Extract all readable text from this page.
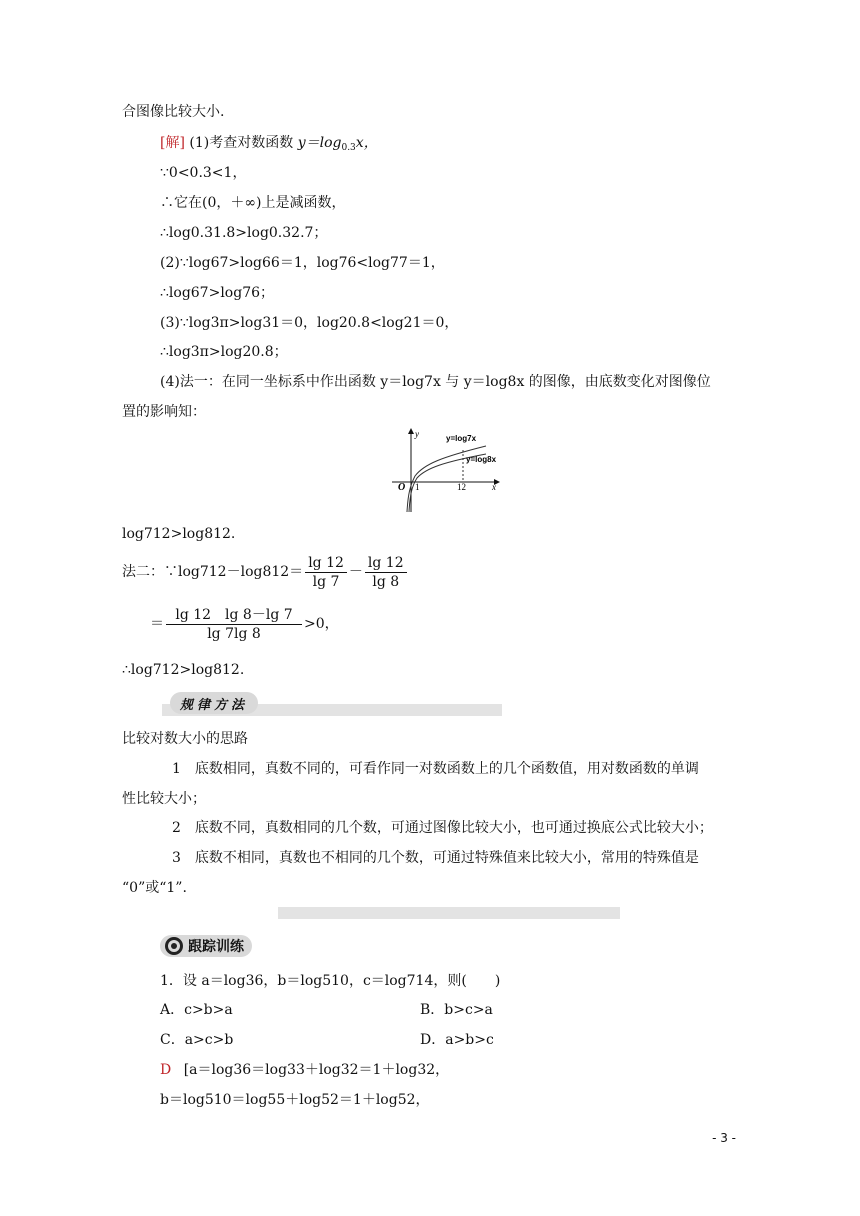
合图像比较大小.
[解] (1)考查对数函数 $y=\log_{0.3}x$，
∵0<0.3<1，
∴它在(0，＋∞)上是减函数，
∴log0.31.8>log0.32.7；
(2)∵log67>log66＝1，log76<log77＝1，
∴log67>log76；
(3)∵log3π>log31＝0，log20.8<log21＝0，
∴log3π>log20.8；
(4)法一：在同一坐标系中作出函数 y＝log7x 与 y＝log8x 的图像，由底数变化对图像位
置的影响知：
y
x
O 1	12
y=log7x
y=log8x
log712>log812.
法二：∵log712－log812＝ $\frac{\lg 12}{\lg 7} - \frac{\lg 12}{\lg 8}$
＝ $\frac{\lg 12 \lg 8-\lg 7}{\lg 7\lg 8} >0$，
∴log712>log812.
规律方法
比较对数大小的思路
1　底数相同，真数不同的，可看作同一对数函数上的几个函数值，用对数函数的单调
性比较大小；
2　底数不同，真数相同的几个数，可通过图像比较大小，也可通过换底公式比较大小；
3　底数不相同，真数也不相同的几个数，可通过特殊值来比较大小，常用的特殊值是
“0”或“1”.
跟踪训练
1．设 a＝log36，b＝log510，c＝log714，则(　　)
A．c>b>a	B．b>c>a
C．a>c>b	D．a>b>c
D [a＝log36＝log33＋log32＝1＋log32，
b＝log510＝log55＋log52＝1＋log52，
- 3 -
